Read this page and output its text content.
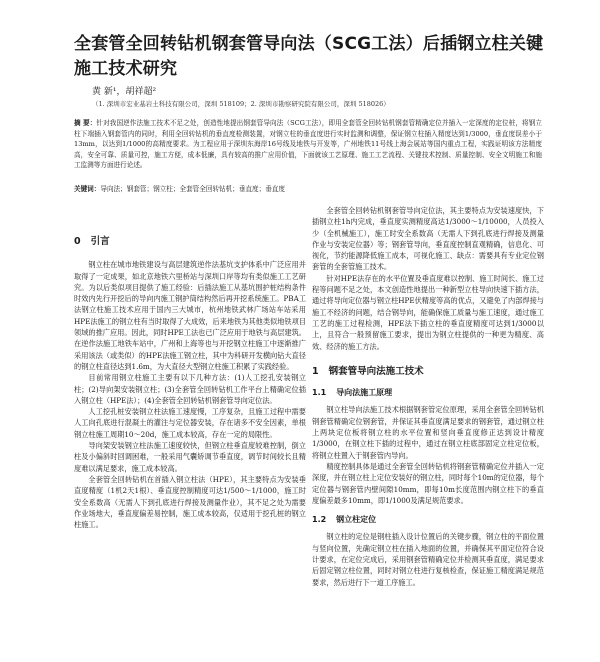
全套管全回转钻机钢套管导向法（SCG工法）后插钢立柱关键施工技术研究
黄 新¹，胡祥超²
（1. 深圳市宏业基岩土科技有限公司，深圳 518109；2. 深圳市勘察研究院有限公司，深圳 518026）
摘 要：针对我国逆作法施工技术不足之处，创造性地提出钢套管导向法（SCG工法），即用全套管全回转钻机钢套管精确定位并插入一定深度的定位桩，将钢立柱下端插入钢套管内的同时，利用全回转钻机的垂直度检测装置，对钢立柱的垂直度进行实时监测和调整，保证钢立柱插入精度达到1/3000，垂直度误差小于13mm，以达到1/1000的高精度要求。为工程应用于深圳东海岸16号线及地铁与开发等，广州地铁11号线上海会展站等国内重点工程，实践证明该方法精度高，安全可靠、质量可控，施工方便，成本低廉，具有较高的推广应用价值，下面就该工艺原理、施工工艺流程、关键技术控制、质量控制、安全文明施工和施工监测等方面进行论述。
关键词：导向法；钢套管；钢立柱；全套管全回转钻机；垂直度；垂直度
0 引言

钢立柱在城市地铁建设与高层建筑逆作法基坑支护体系中广泛应用并取得了一定成果，如北京地铁六里桥站与深圳口岸等均有类似施工工艺研究。为以后类似项目提供了施工经验：后插法施工从基坑围护桩结构条件时效内先行开挖后的导向内施工钢护筒结构然后再开挖系统施工。PBA工法钢立柱施工技术应用于国内三大城市，杭州地铁武林广场站车站采用HPE法施工的钢立柱有当时取得了大成效，后来地铁为其他类似地铁项目领域的推广应用。因此，同时HPE工法也已广泛应用于地铁与高层建筑。在逆作法施工地铁车站中，广州和上海等也与开挖钢立柱施工中逐渐推广采用该法（或类似）的HPE法施工钢立柱，其中为科研开发横向钻大直径的钢立柱直径达到1.6m，为大直径大型钢立柱施工积累了实践经验。

目前常用钢立柱施工主要有以下几种方法：(1)人工挖孔安装钢立柱；(2)导向架安装钢立柱；(3)全套管全回转钻机工作平台上精确定位插入钢立柱（HPE法）；(4)全套管全回转钻机钢套管导向定位法。

人工挖孔桩安装钢立柱法施工速度慢，工序复杂，且施工过程中需要人工向孔底进行混凝土的灌注与定位器安装，存在诸多不安全因素，单根钢立柱施工周期10～20d，施工成本较高，存在一定的局限性。

导向架安装钢立柱法施工速度较快，但钢立柱垂直度较难控制，倒立柱及小偏斜时回调困难，一般采用气囊矫调节垂直度，调节时间较长且精度难以满足要求，施工成本较高。

全套管全回转钻机在首插入钢立柱法（HPE），其主要特点为安装垂直度精度（1机2天1根）、垂直度控制精度可达1/500～1/1000，施工时安全系数高（无需人下到孔底进行焊接及测量作业），其不足之处为需要作业场地大，垂直度偏差易控制，施工成本较高，仅适用于挖孔桩的钢立柱施工。

全套管全回转钻机钢套管导向定位法，其主要特点为安装速度快，下插钢立柱1h内完成，垂直度实测精度高达1/3000～1/10000，人员投入少（全机械施工），施工时安全系数高（无需人下到孔底进行焊接及测量作业与安装定位器）等；钢套管导向，垂直度控制直观精确，信息化、可视化，节约能源降低施工成本，可视化施工、缺点：需要具有专业定位钢套管的全套管施工技术。

针对HPE法存在的水平位置及垂直度难以控制、施工时间长、施工过程等问题不足之处，本文创造性地提出一种新型立柱导向快速下插方法，通过将导向定位器与钢立柱HPE伏精度等高的优点，又避免了内部焊接与施工不经济的问题，结合钢导向，能确保施工质量与施工速度，通过施工工艺的施工过程检测，HPE法下插立柱的垂直度精度可达到1/3000以上，且符合一般预留施工要求，提出为钢立柱提供的一种更为精度、高效、经济的施工方法。

1 钢套管导向法施工技术
1.1 导向法施工原理

钢立柱导向法施工技术根据钢套管定位原理，采用全套管全回转钻机钢套管精确定位钢套管，并保证其垂直度满足要求的钢套管，通过钢立柱上两块定位板将钢立柱的水平位置和竖向垂直度修正达到设计精度1/3000，在钢立柱下插的过程中，通过在钢立柱底部固定立柱定位板，将钢立柱置入于钢套管内导向。

精度控制具体是通过全套管全回转钻机将钢套管精确定位并插入一定深度，并在钢立柱上定位安装好的钢立柱，同时每个10m的定位器，每个定位器与钢套管内壁间隙10mm，即每10m长度范围内钢立柱下的垂直度偏差最多10mm，即1/1000及满足规范要求。

1.2 钢立柱定位

钢立柱的定位是钢柱插入设计位置后的关键步骤，钢立柱的平面位置与竖向位置，先确定钢立柱在插入地面的位置，并确保其平面定位符合设计要求，在定位完成后，采用钢套管精确定位并检测其垂直度，满足要求后固定钢立柱位置，同时对钢立柱进行复核检查，保证施工精度满足规范要求，然后进行下一道工序施工。
